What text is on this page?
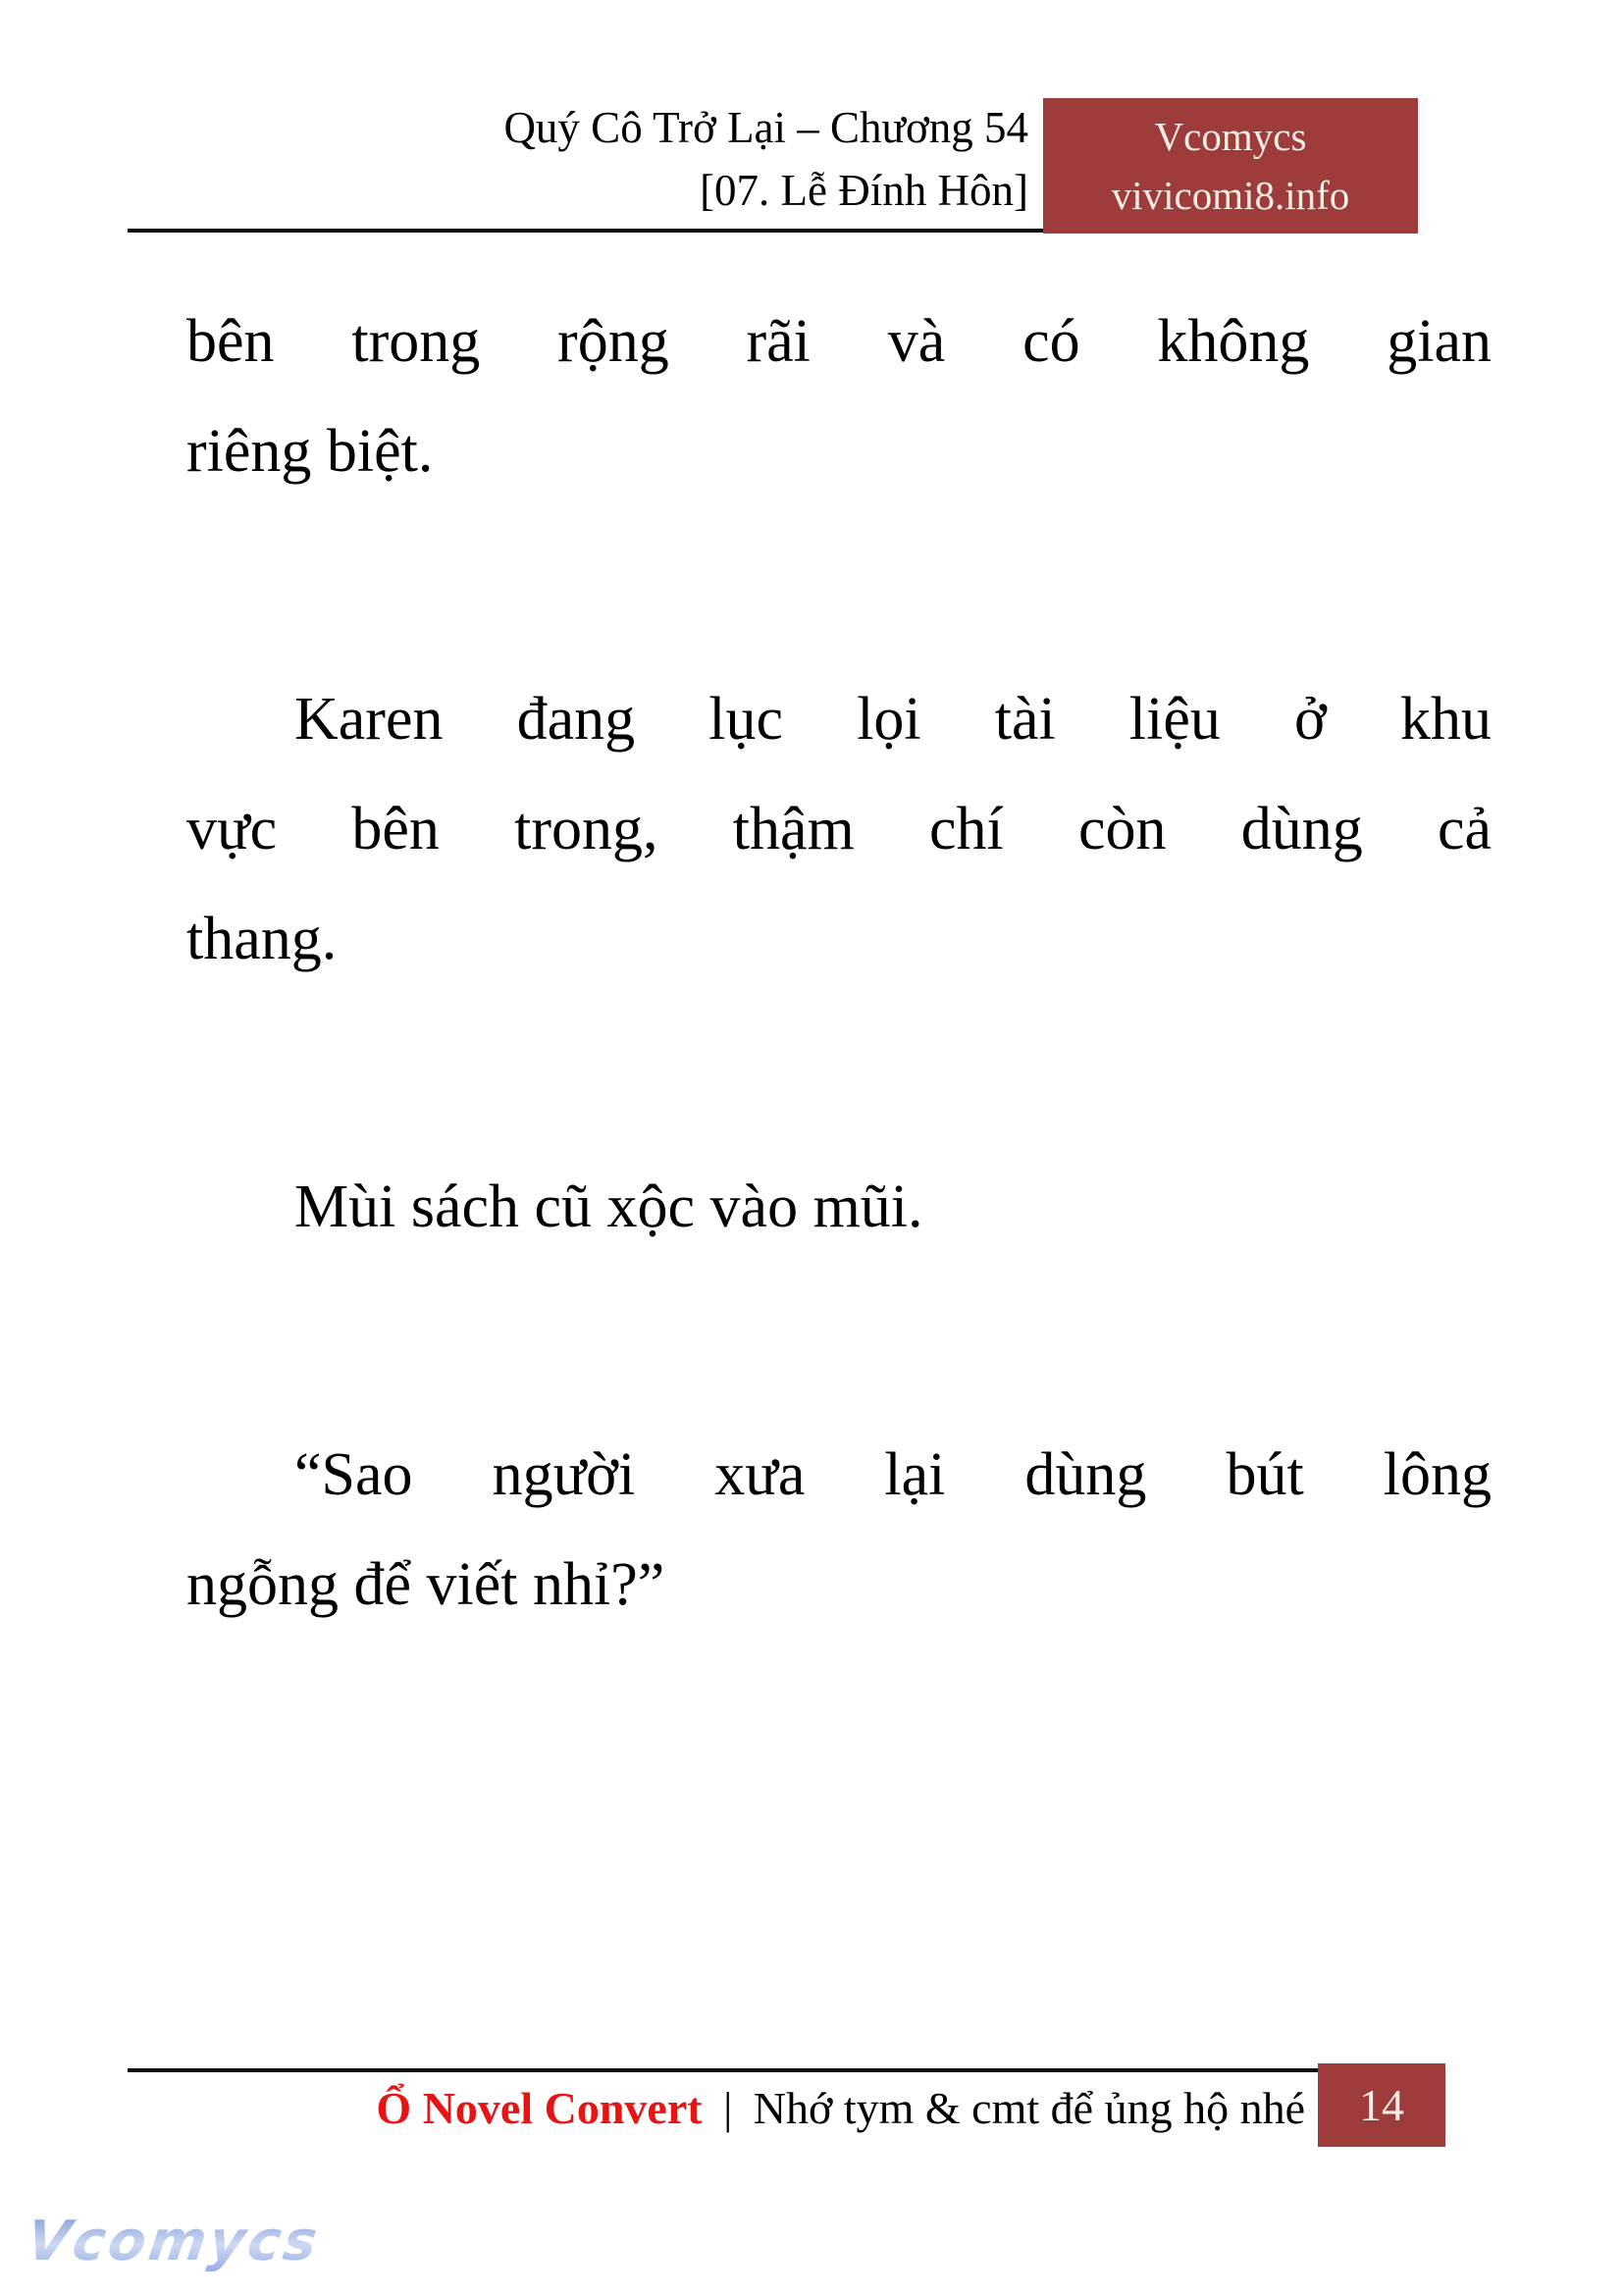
Quý Cô Trở Lại – Chương 54
[07. Lễ Đính Hôn]
Vcomycs
vivicomi8.info
bên trong rộng rãi và có không gian
riêng biệt.
Karen đang lục lọi tài liệu ở khu
vực bên trong, thậm chí còn dùng cả
thang.
Mùi sách cũ xộc vào mũi.
“Sao người xưa lại dùng bút lông
ngỗng để viết nhỉ?”
Ổ Novel Convert | Nhớ tym & cmt để ủng hộ nhé 14
Vcomycs
